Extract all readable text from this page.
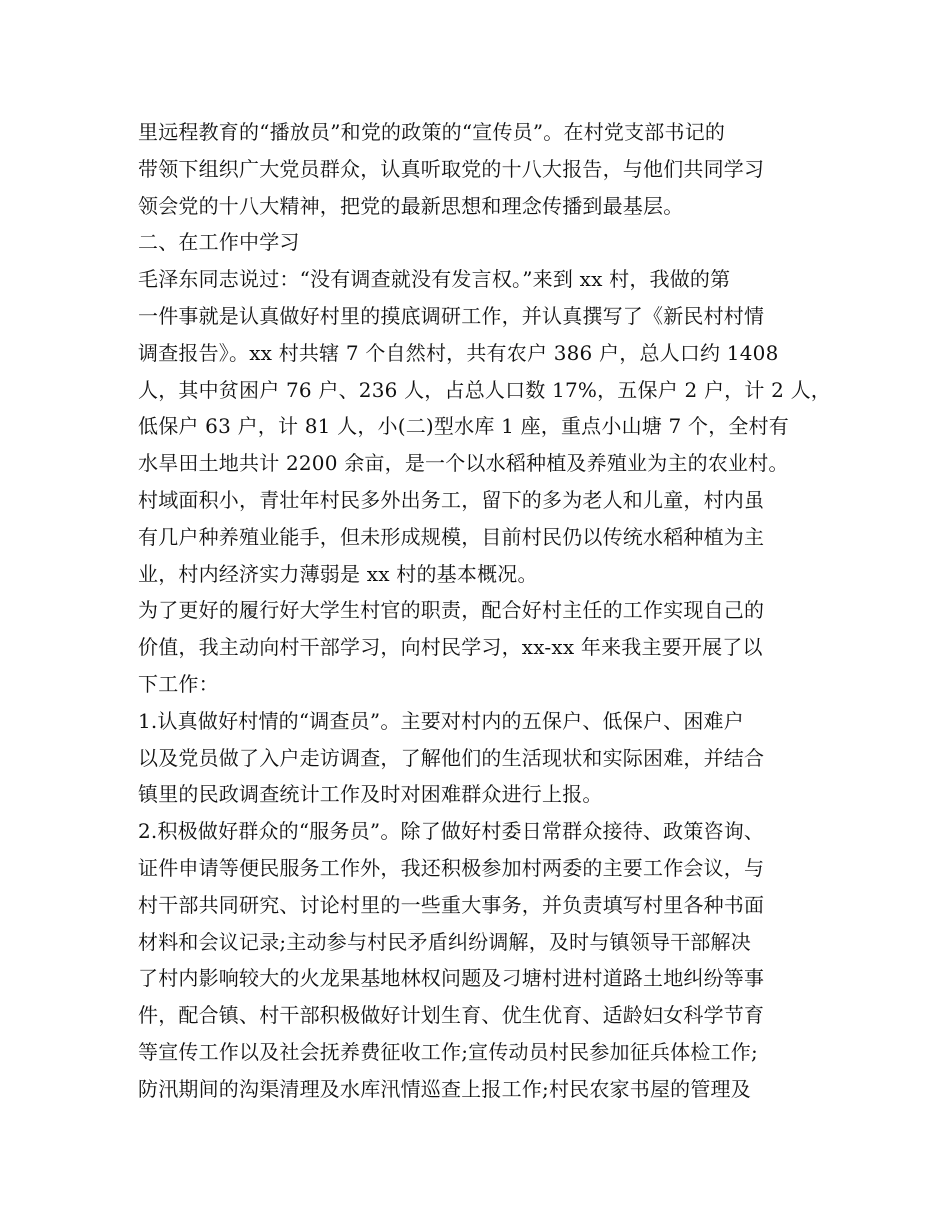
里远程教育的“播放员”和党的政策的“宣传员”。在村党支部书记的
带领下组织广大党员群众，认真听取党的十八大报告，与他们共同学习
领会党的十八大精神，把党的最新思想和理念传播到最基层。
二、在工作中学习
毛泽东同志说过：“没有调查就没有发言权。”来到 xx 村，我做的第
一件事就是认真做好村里的摸底调研工作，并认真撰写了《新民村村情
调查报告》。xx 村共辖 7 个自然村，共有农户 386 户，总人口约 1408
人，其中贫困户 76 户、236 人，占总人口数 17%，五保户 2 户，计 2 人，
低保户 63 户，计 81 人，小(二)型水库 1 座，重点小山塘 7 个，全村有
水旱田土地共计 2200 余亩，是一个以水稻种植及养殖业为主的农业村。
村域面积小，青壮年村民多外出务工，留下的多为老人和儿童，村内虽
有几户种养殖业能手，但未形成规模，目前村民仍以传统水稻种植为主
业，村内经济实力薄弱是 xx 村的基本概况。
为了更好的履行好大学生村官的职责，配合好村主任的工作实现自己的
价值，我主动向村干部学习，向村民学习，xx-xx 年来我主要开展了以
下工作：
1.认真做好村情的“调查员”。主要对村内的五保户、低保户、困难户
以及党员做了入户走访调查，了解他们的生活现状和实际困难，并结合
镇里的民政调查统计工作及时对困难群众进行上报。
2.积极做好群众的“服务员”。除了做好村委日常群众接待、政策咨询、
证件申请等便民服务工作外，我还积极参加村两委的主要工作会议，与
村干部共同研究、讨论村里的一些重大事务，并负责填写村里各种书面
材料和会议记录;主动参与村民矛盾纠纷调解，及时与镇领导干部解决
了村内影响较大的火龙果基地林权问题及刁塘村进村道路土地纠纷等事
件，配合镇、村干部积极做好计划生育、优生优育、适龄妇女科学节育
等宣传工作以及社会抚养费征收工作;宣传动员村民参加征兵体检工作;
防汛期间的沟渠清理及水库汛情巡查上报工作;村民农家书屋的管理及
